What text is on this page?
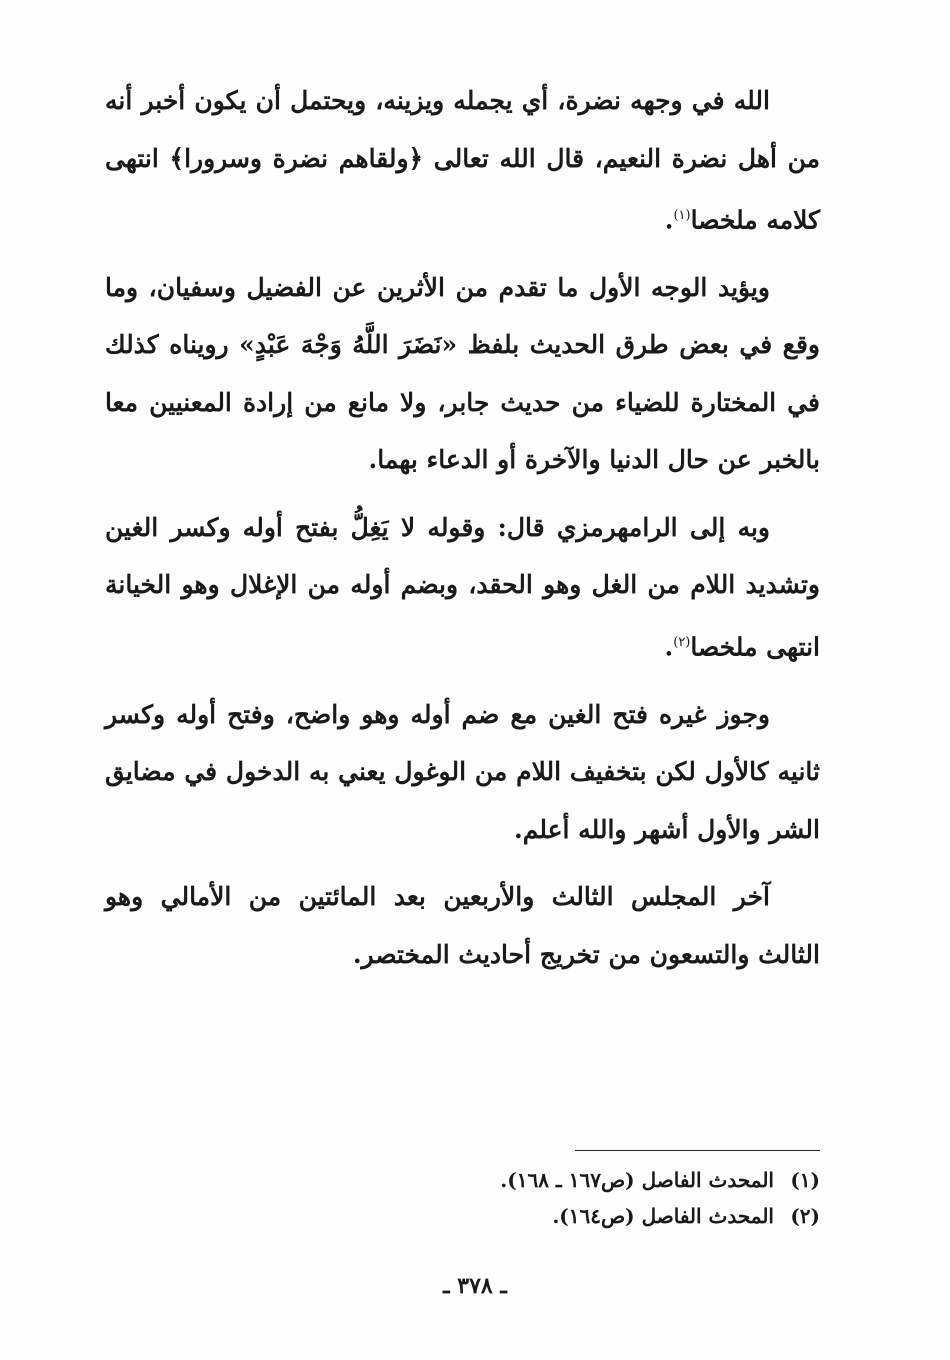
الله في وجهه نضرة، أي يجمله ويزينه، ويحتمل أن يكون أخبر أنه من أهل نضرة النعيم، قال الله تعالى ﴿ولقاهم نضرة وسرورا﴾ انتهى كلامه ملخصا$^{(١)}$.

ويؤيد الوجه الأول ما تقدم من الأثرين عن الفضيل وسفيان، وما وقع في بعض طرق الحديث بلفظ «نَضَرَ اللَّهُ وَجْهَ عَبْدٍ» رويناه كذلك في المختارة للضياء من حديث جابر، ولا مانع من إرادة المعنيين معا بالخبر عن حال الدنيا والآخرة أو الدعاء بهما.

وبه إلى الرامهرمزي قال: وقوله لا يَغِلُّ بفتح أوله وكسر الغين وتشديد اللام من الغل وهو الحقد، وبضم أوله من الإغلال وهو الخيانة انتهى ملخصا$^{(٢)}$.

وجوز غيره فتح الغين مع ضم أوله وهو واضح، وفتح أوله وكسر ثانيه كالأول لكن بتخفيف اللام من الوغول يعني به الدخول في مضايق الشر والأول أشهر والله أعلم.

آخر المجلس الثالث والأربعين بعد المائتين من الأمالي وهو الثالث والتسعون من تخريج أحاديث المختصر.

(١)المحدث الفاصل (ص١٦٧ ـ ١٦٨).
(٢)المحدث الفاصل (ص١٦٤).
ـ ٣٧٨ ـ
